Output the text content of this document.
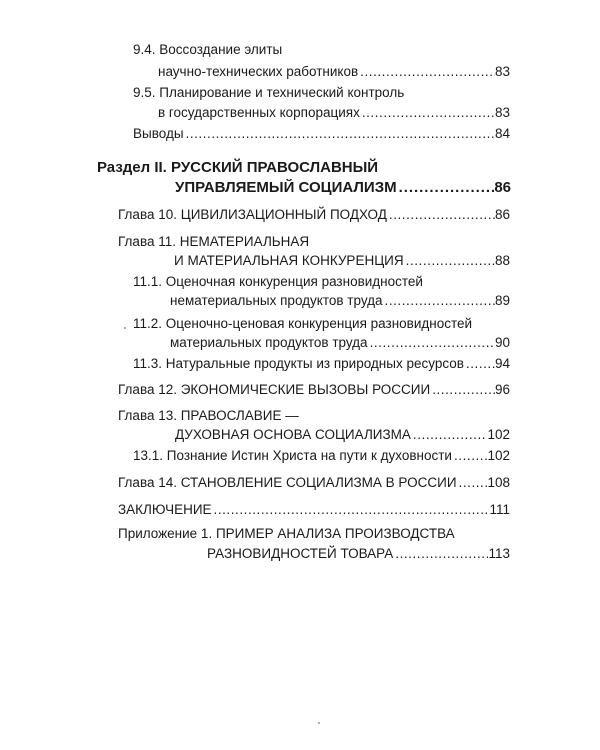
9.4. Воссоздание элиты
научно-технических работников . . .	83
9.5. Планирование и технический контроль
в государственных корпорациях . . .	83
Выводы . . .	84
Раздел II. РУССКИЙ ПРАВОСЛАВНЫЙ
УПРАВЛЯЕМЫЙ СОЦИАЛИЗМ . . .	86
Глава 10. ЦИВИЛИЗАЦИОННЫЙ ПОДХОД . . .	86
Глава 11. НЕМАТЕРИАЛЬНАЯ
И МАТЕРИАЛЬНАЯ КОНКУРЕНЦИЯ . . .	88
11.1. Оценочная конкуренция разновидностей
нематериальных продуктов труда . . .	89
11.2. Оценочно-ценовая конкуренция разновидностей
материальных продуктов труда . . .	90
11.3. Натуральные продукты из природных ресурсов . . . 94
Глава 12. ЭКОНОМИЧЕСКИЕ ВЫЗОВЫ РОССИИ . . .	96
Глава 13. ПРАВОСЛАВИЕ —
ДУХОВНАЯ ОСНОВА СОЦИАЛИЗМА . . .	102
13.1. Познание Истин Христа на пути к духовности . . .	102
Глава 14. СТАНОВЛЕНИЕ СОЦИАЛИЗМА В РОССИИ . . . 108
ЗАКЛЮЧЕНИЕ . . .	111
Приложение 1. ПРИМЕР АНАЛИЗА ПРОИЗВОДСТВА
РАЗНОВИДНОСТЕЙ ТОВАРА . . .	113
